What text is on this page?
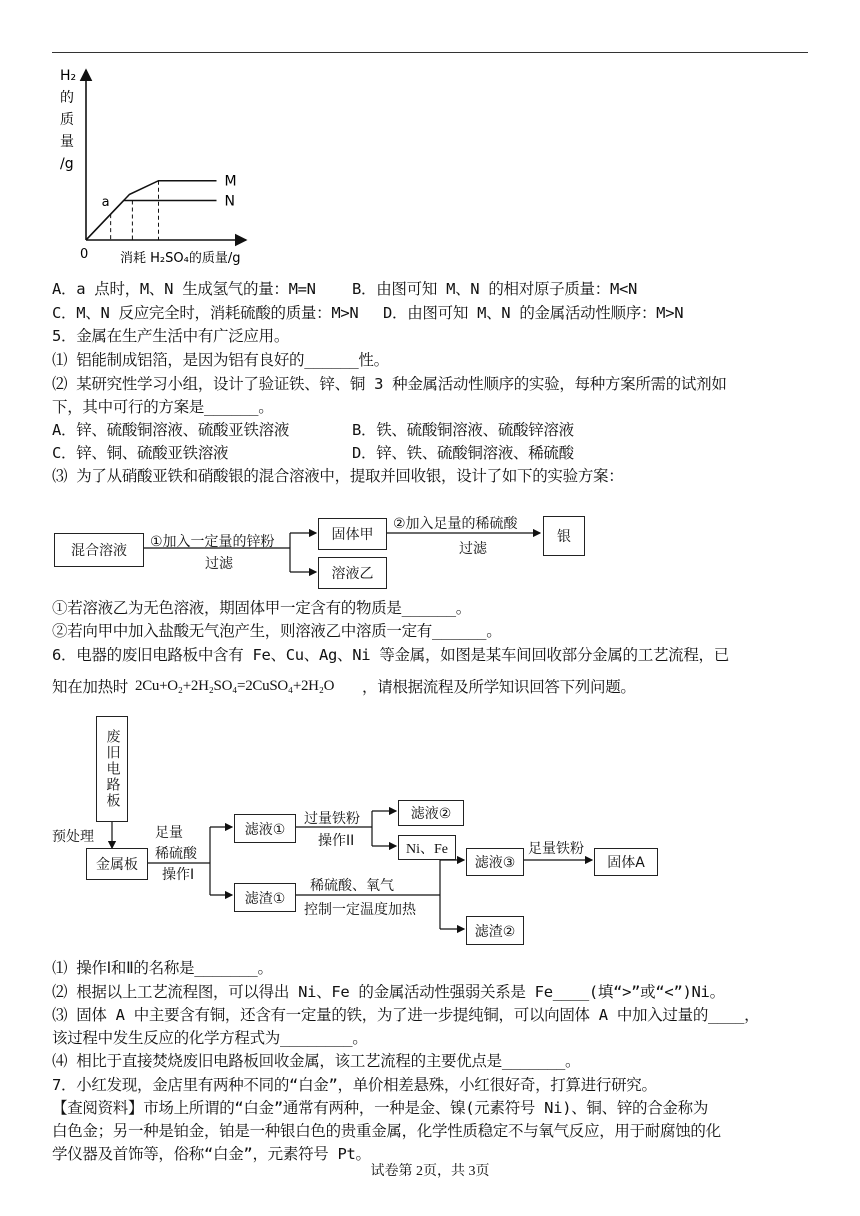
H₂
的
质
量
/g
0 消耗 H₂SO₄的质量/g
M
N
a
A．a 点时，M、N 生成氢气的量：M=N B．由图可知 M、N 的相对原子质量：M<N
C．M、N 反应完全时，消耗硫酸的质量：M>N D．由图可知 M、N 的金属活动性顺序：M>N
5．金属在生产生活中有广泛应用。
⑴ 铝能制成铝箔，是因为铝有良好的______性。
⑵ 某研究性学习小组，设计了验证铁、锌、铜 3 种金属活动性顺序的实验，每种方案所需的试剂如
下，其中可行的方案是______。
A．锌、硫酸铜溶液、硫酸亚铁溶液	B．铁、硫酸铜溶液、硫酸锌溶液
C．锌、铜、硫酸亚铁溶液	D．锌、铁、硫酸铜溶液、稀硫酸
⑶ 为了从硝酸亚铁和硝酸银的混合溶液中，提取并回收银，设计了如下的实验方案：
混合溶液
①加入一定量的锌粉
过滤
固体甲
②加入足量的稀硫酸
过滤
银
溶液乙
①若溶液乙为无色溶液，期固体甲一定含有的物质是______。
②若向甲中加入盐酸无气泡产生，则溶液乙中溶质一定有______。
6．电器的废旧电路板中含有 Fe、Cu、Ag、Ni 等金属，如图是某车间回收部分金属的工艺流程，已
知在加热时 2Cu+O₂+2H₂SO₄=2CuSO₄+2H₂O ，请根据流程及所学知识回答下列问题。
废旧电路板
预处理
金属板
足量
稀硫酸
操作I
滤液①
过量铁粉
操作II
滤液②
Ni、Fe
滤渣①
稀硫酸、氧气
控制一定温度加热
滤液③
足量铁粉
固体A
滤渣②
⑴ 操作Ⅰ和Ⅱ的名称是_______。
⑵ 根据以上工艺流程图，可以得出 Ni、Fe 的金属活动性强弱关系是 Fe____(填“>”或“<”)Ni。
⑶ 固体 A 中主要含有铜，还含有一定量的铁，为了进一步提纯铜，可以向固体 A 中加入过量的____，
该过程中发生反应的化学方程式为________。
⑷ 相比于直接焚烧废旧电路板回收金属，该工艺流程的主要优点是_______。
7．小红发现，金店里有两种不同的“白金”，单价相差悬殊，小红很好奇，打算进行研究。
【查阅资料】市场上所谓的“白金”通常有两种，一种是金、镍(元素符号 Ni)、铜、锌的合金称为
白色金；另一种是铂金，铂是一种银白色的贵重金属，化学性质稳定不与氧气反应，用于耐腐蚀的化
学仪器及首饰等，俗称“白金”，元素符号 Pt。
试卷第 2页，共 3页
